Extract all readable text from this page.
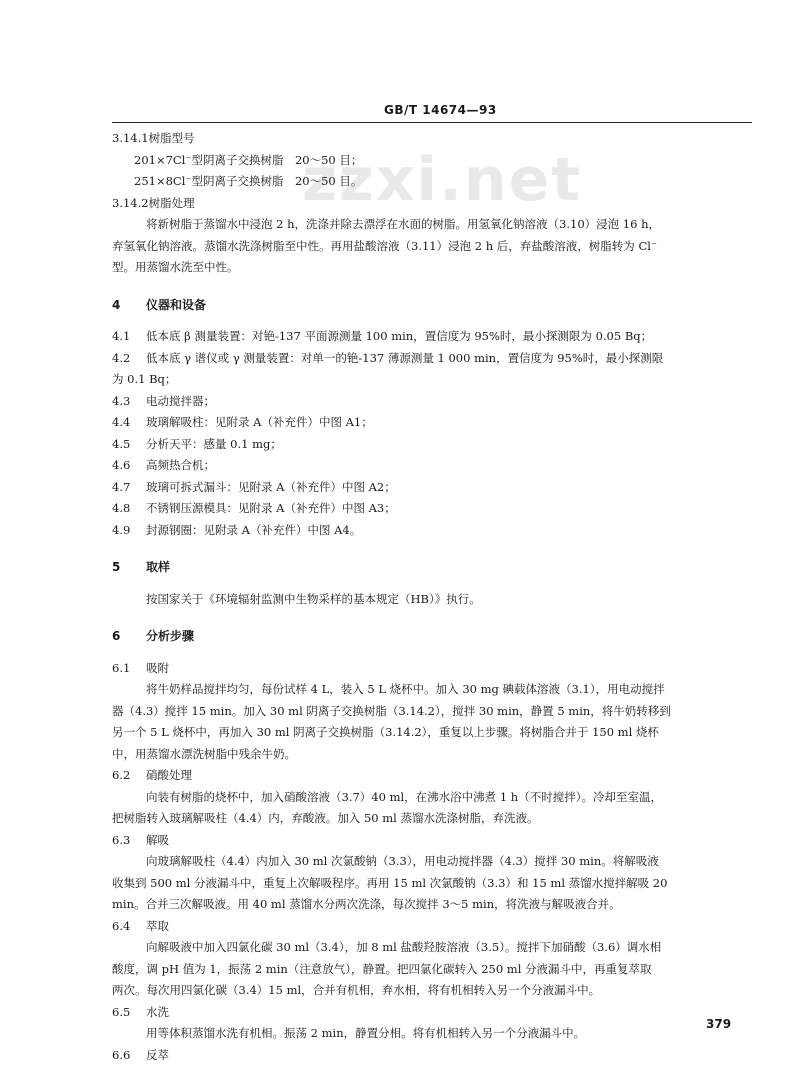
GB/T 14674—93
zzxi.net
3.14.1树脂型号
201×7Cl⁻型阴离子交换树脂　20～50 目；
251×8Cl⁻型阴离子交换树脂　20～50 目。
3.14.2树脂处理
将新树脂于蒸馏水中浸泡 2 h，洗涤并除去漂浮在水面的树脂。用氢氧化钠溶液（3.10）浸泡 16 h，
弃氢氧化钠溶液。蒸馏水洗涤树脂至中性。再用盐酸溶液（3.11）浸泡 2 h 后，弃盐酸溶液，树脂转为 Cl⁻
型。用蒸馏水洗至中性。
4 仪器和设备
4.1 低本底 β 测量装置：对铯-137 平面源测量 100 min，置信度为 95%时，最小探测限为 0.05 Bq；
4.2 低本底 γ 谱仪或 γ 测量装置：对单一的铯-137 薄源测量 1 000 min，置信度为 95%时，最小探测限
为 0.1 Bq；
4.3 电动搅拌器；
4.4 玻璃解吸柱：见附录 A（补充件）中图 A1；
4.5 分析天平：感量 0.1 mg；
4.6 高频热合机；
4.7 玻璃可拆式漏斗：见附录 A（补充件）中图 A2；
4.8 不锈钢压源模具：见附录 A（补充件）中图 A3；
4.9 封源钢圈：见附录 A（补充件）中图 A4。
5 取样
按国家关于《环境辐射监测中生物采样的基本规定（HB）》执行。
6 分析步骤
6.1 吸附
将牛奶样品搅拌均匀，每份试样 4 L，装入 5 L 烧杯中。加入 30 mg 碘载体溶液（3.1），用电动搅拌
器（4.3）搅拌 15 min。加入 30 ml 阴离子交换树脂（3.14.2），搅拌 30 min，静置 5 min，将牛奶转移到
另一个 5 L 烧杯中，再加入 30 ml 阴离子交换树脂（3.14.2），重复以上步骤。将树脂合并于 150 ml 烧杯
中，用蒸馏水漂洗树脂中残余牛奶。
6.2 硝酸处理
向装有树脂的烧杯中，加入硝酸溶液（3.7）40 ml，在沸水浴中沸煮 1 h（不时搅拌）。冷却至室温，
把树脂转入玻璃解吸柱（4.4）内，弃酸液。加入 50 ml 蒸馏水洗涤树脂，弃洗液。
6.3 解吸
向玻璃解吸柱（4.4）内加入 30 ml 次氯酸钠（3.3），用电动搅拌器（4.3）搅拌 30 min。将解吸液
收集到 500 ml 分液漏斗中，重复上次解吸程序。再用 15 ml 次氯酸钠（3.3）和 15 ml 蒸馏水搅拌解吸 20
min。合并三次解吸液。用 40 ml 蒸馏水分两次洗涤，每次搅拌 3～5 min，将洗液与解吸液合并。
6.4 萃取
向解吸液中加入四氯化碳 30 ml（3.4），加 8 ml 盐酸羟胺溶液（3.5）。搅拌下加硝酸（3.6）调水相
酸度，调 pH 值为 1，振荡 2 min（注意放气），静置。把四氯化碳转入 250 ml 分液漏斗中，再重复萃取
两次。每次用四氯化碳（3.4）15 ml，合并有机相，弃水相，将有机相转入另一个分液漏斗中。
6.5 水洗
用等体积蒸馏水洗有机相。振荡 2 min，静置分相。将有机相转入另一个分液漏斗中。
6.6 反萃
379
